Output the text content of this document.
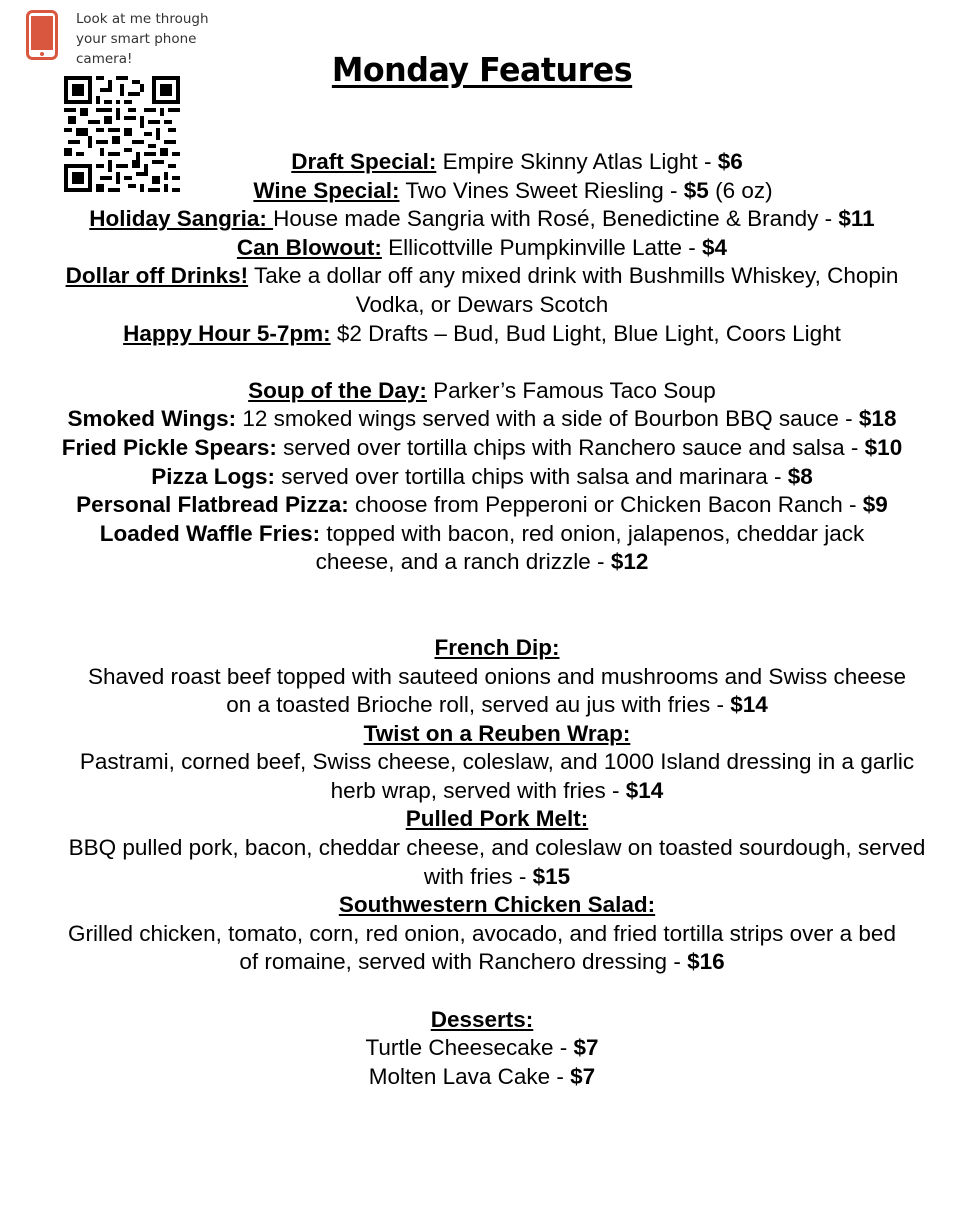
Look at me through your smart phone camera!	Monday Features
Draft Special: Empire Skinny Atlas Light - $6
Wine Special: Two Vines Sweet Riesling - $5 (6 oz)
Holiday Sangria: House made Sangria with Rosé, Benedictine & Brandy - $11
Can Blowout: Ellicottville Pumpkinville Latte - $4
Dollar off Drinks! Take a dollar off any mixed drink with Bushmills Whiskey, Chopin Vodka, or Dewars Scotch
Happy Hour 5-7pm: $2 Drafts – Bud, Bud Light, Blue Light, Coors Light
Soup of the Day: Parker’s Famous Taco Soup
Smoked Wings: 12 smoked wings served with a side of Bourbon BBQ sauce - $18
Fried Pickle Spears: served over tortilla chips with Ranchero sauce and salsa - $10
Pizza Logs: served over tortilla chips with salsa and marinara - $8
Personal Flatbread Pizza: choose from Pepperoni or Chicken Bacon Ranch - $9
Loaded Waffle Fries: topped with bacon, red onion, jalapenos, cheddar jack cheese, and a ranch drizzle - $12
French Dip:
Shaved roast beef topped with sauteed onions and mushrooms and Swiss cheese on a toasted Brioche roll, served au jus with fries - $14
Twist on a Reuben Wrap:
Pastrami, corned beef, Swiss cheese, coleslaw, and 1000 Island dressing in a garlic herb wrap, served with fries - $14
Pulled Pork Melt:
BBQ pulled pork, bacon, cheddar cheese, and coleslaw on toasted sourdough, served with fries - $15
Southwestern Chicken Salad:
Grilled chicken, tomato, corn, red onion, avocado, and fried tortilla strips over a bed of romaine, served with Ranchero dressing - $16
Desserts:
Turtle Cheesecake - $7
Molten Lava Cake - $7
